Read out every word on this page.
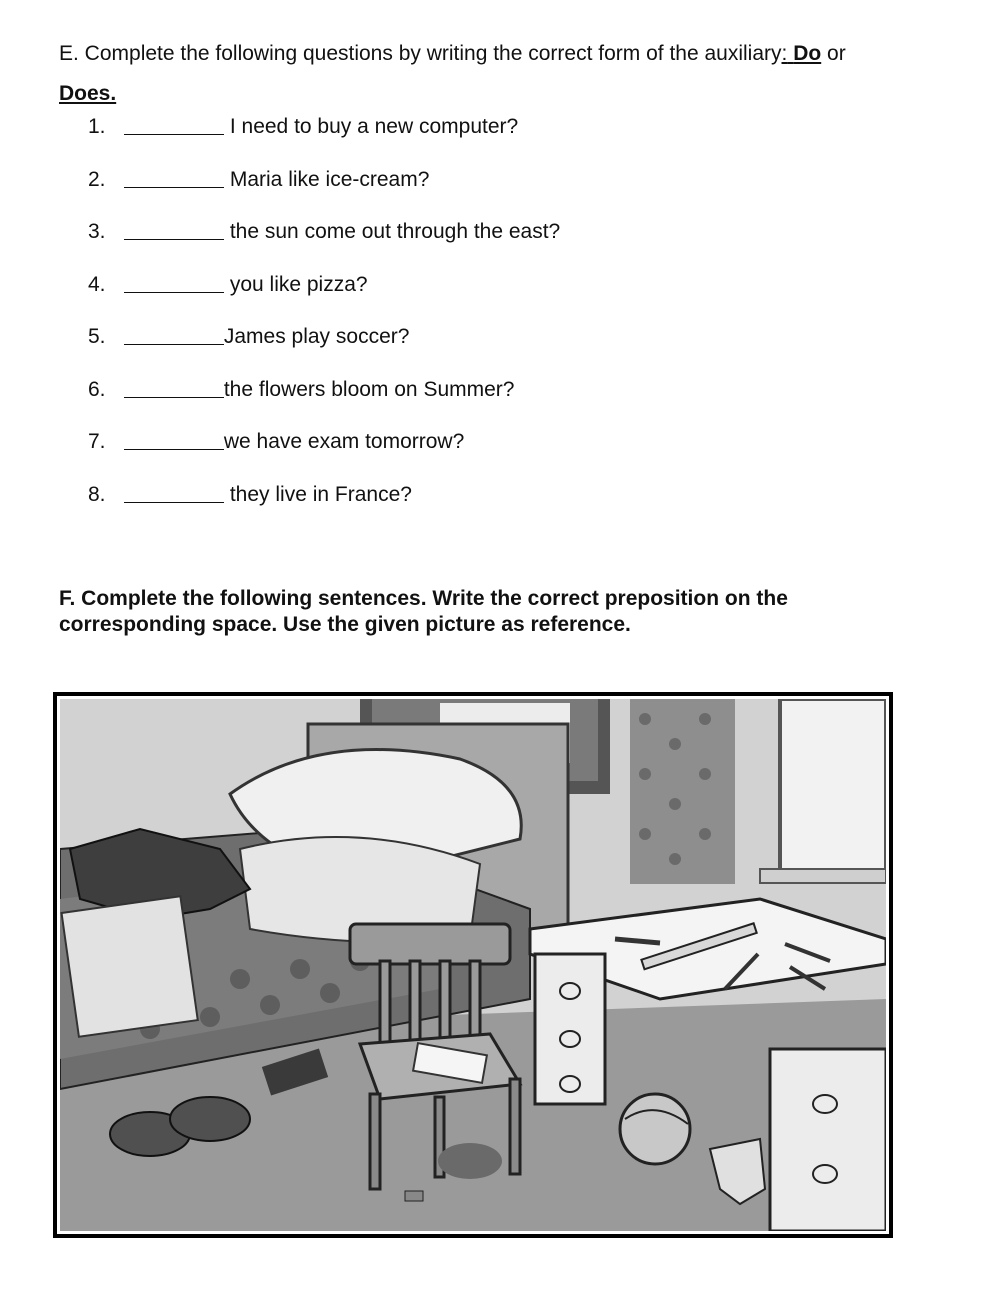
E. Complete the following questions by writing the correct form of the auxiliary: Do or
Does.

1.	I need to buy a new computer?
2.	Maria like ice-cream?
3.	the sun come out through the east?
4.	you like pizza?
5.	James play soccer?
6.	the flowers bloom on Summer?
7.	we have exam tomorrow?
8.	they live in France?

F. Complete the following sentences. Write the correct preposition on the corresponding space. Use the given picture as reference.
